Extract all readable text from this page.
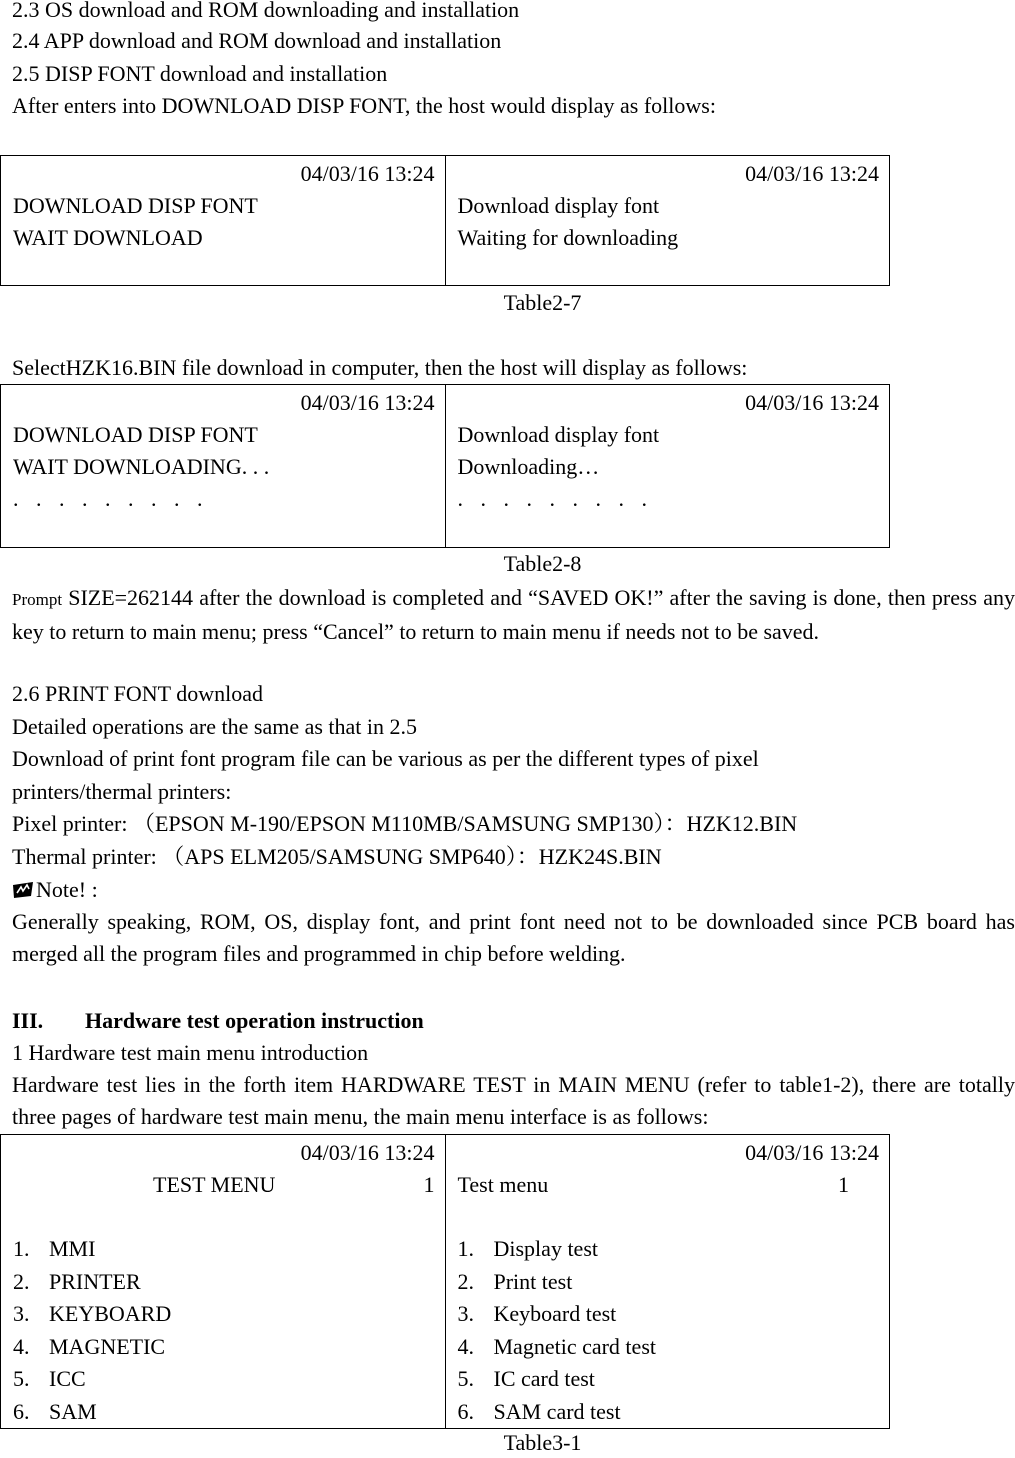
2.3 OS download and ROM downloading and installation
2.4 APP download and ROM download and installation
2.5 DISP FONT download and installation
After enters into DOWNLOAD DISP FONT, the host would display as follows:
04/03/16 13:24
DOWNLOAD DISP FONT
WAIT DOWNLOAD

04/03/16 13:24
Download display font
Waiting for downloading
Table2-7
SelectHZK16.BIN file download in computer, then the host will display as follows:
04/03/16 13:24
DOWNLOAD DISP FONT
WAIT DOWNLOADING. . .
. . . . . . . . .

04/03/16 13:24
Download display font
Downloading…
. . . . . . . . .
Table2-8
Prompt SIZE=262144 after the download is completed and “SAVED OK!” after the saving is done, then press any key to return to main menu; press “Cancel” to return to main menu if needs not to be saved.
2.6 PRINT FONT download
Detailed operations are the same as that in 2.5
Download of print font program file can be various as per the different types of pixel
printers/thermal printers:
Pixel printer: （EPSON M-190/EPSON M110MB/SAMSUNG SMP130）：HZK12.BIN
Thermal printer: （APS ELM205/SAMSUNG SMP640）：HZK24S.BIN
Note! :
Generally speaking, ROM, OS, display font, and print font need not to be downloaded since PCB board has merged all the program files and programmed in chip before welding.
III. Hardware test operation instruction
1 Hardware test main menu introduction
Hardware test lies in the forth item HARDWARE TEST in MAIN MENU (refer to table1-2), there are totally three pages of hardware test main menu, the main menu interface is as follows:
04/03/16 13:24
TEST MENU	1
1. MMI
2. PRINTER
3. KEYBOARD
4. MAGNETIC
5. ICC
6. SAM

04/03/16 13:24
Test menu	1
1. Display test
2. Print test
3. Keyboard test
4. Magnetic card test
5. IC card test
6. SAM card test
Table3-1
